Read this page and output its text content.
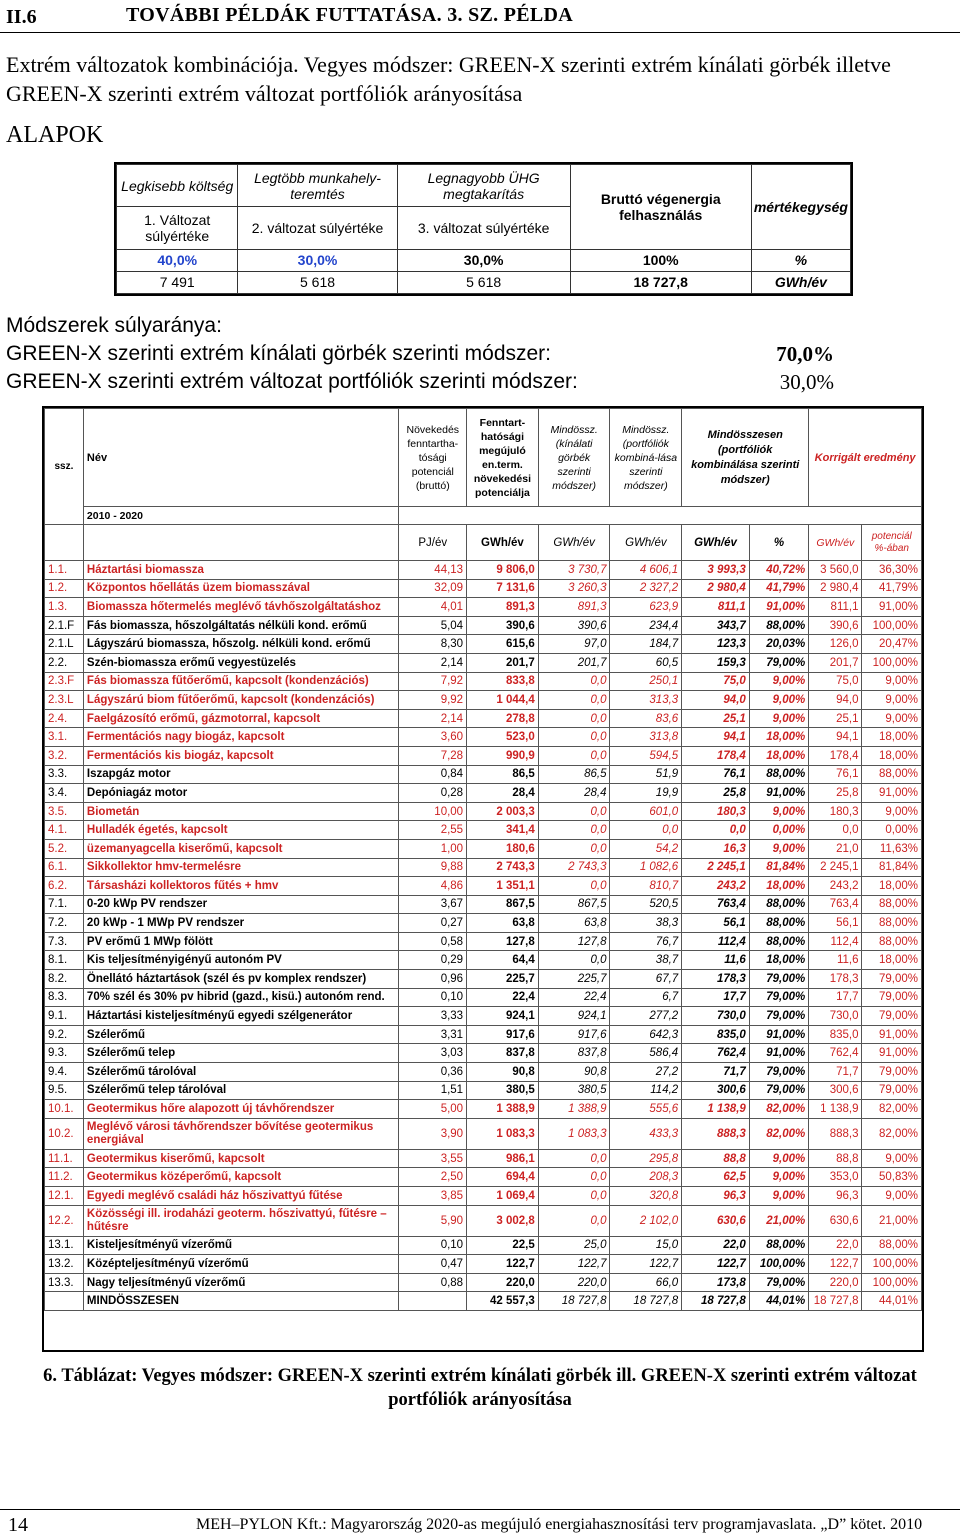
II.6	TOVÁBBI PÉLDÁK FUTTATÁSA. 3. SZ. PÉLDA
Extrém változatok kombinációja. Vegyes módszer: GREEN-X szerinti extrém kínálati görbék illetve GREEN-X szerinti extrém változat portfóliók arányosítása
ALAPOK
Legkisebb költség	Legtöbb munkahely-teremtés	Legnagyobb ÜHG megtakarítás	Bruttó végenergia felhasználás	mértékegység
1. Változat súlyértéke	2. változat súlyértéke	3. változat súlyértéke		
40,0%	30,0%	30,0%	100%	%
7 491	5 618	5 618	18 727,8	GWh/év
Módszerek súlyaránya:
GREEN-X szerinti extrém kínálati görbék szerinti módszer:	70,0%
GREEN-X szerinti extrém változat portfóliók szerinti módszer:	30,0%
ssz.	Név	Növekedés fenntartha-tósági potenciál (bruttó)	Fenntart-hatósági megújuló en.term. növekedési potenciálja	Mindössz. (kínálati görbék szerinti módszer)	Mindössz. (portfóliók kombiná-lása szerinti módszer)	Mindösszesen (portfóliók kombinálása szerinti módszer)		Korrigált eredmény	
	2010 - 2020								
		PJ/év	GWh/év	GWh/év	GWh/év	GWh/év	%	GWh/év	potenciál %-ában
1.1.	Háztartási biomassza	44,13	9 806,0	3 730,7	4 606,1	3 993,3	40,72%	3 560,0	36,30%
1.2.	Központos hőellátás üzem biomasszával	32,09	7 131,6	3 260,3	2 327,2	2 980,4	41,79%	2 980,4	41,79%
1.3.	Biomassza hőtermelés meglévő távhőszolgáltatáshoz	4,01	891,3	891,3	623,9	811,1	91,00%	811,1	91,00%
2.1.F	Fás biomassza, hőszolgáltatás nélküli kond. erőmű	5,04	390,6	390,6	234,4	343,7	88,00%	390,6	100,00%
2.1.L	Lágyszárú biomassza, hőszolg. nélküli kond. erőmű	8,30	615,6	97,0	184,7	123,3	20,03%	126,0	20,47%
2.2.	Szén-biomassza erőmű vegyestüzelés	2,14	201,7	201,7	60,5	159,3	79,00%	201,7	100,00%
2.3.F	Fás biomassza fűtőerőmű, kapcsolt (kondenzációs)	7,92	833,8	0,0	250,1	75,0	9,00%	75,0	9,00%
2.3.L	Lágyszárú biom fűtőerőmű, kapcsolt (kondenzációs)	9,92	1 044,4	0,0	313,3	94,0	9,00%	94,0	9,00%
2.4.	Faelgázosító erőmű, gázmotorral, kapcsolt	2,14	278,8	0,0	83,6	25,1	9,00%	25,1	9,00%
3.1.	Fermentációs nagy biogáz, kapcsolt	3,60	523,0	0,0	313,8	94,1	18,00%	94,1	18,00%
3.2.	Fermentációs kis biogáz, kapcsolt	7,28	990,9	0,0	594,5	178,4	18,00%	178,4	18,00%
3.3.	Iszapgáz motor	0,84	86,5	86,5	51,9	76,1	88,00%	76,1	88,00%
3.4.	Depóniagáz motor	0,28	28,4	28,4	19,9	25,8	91,00%	25,8	91,00%
3.5.	Biometán	10,00	2 003,3	0,0	601,0	180,3	9,00%	180,3	9,00%
4.1.	Hulladék égetés, kapcsolt	2,55	341,4	0,0	0,0	0,0	0,00%	0,0	0,00%
5.2.	üzemanyagcella kiserőmű, kapcsolt	1,00	180,6	0,0	54,2	16,3	9,00%	21,0	11,63%
6.1.	Sikkollektor hmv-termelésre	9,88	2 743,3	2 743,3	1 082,6	2 245,1	81,84%	2 245,1	81,84%
6.2.	Társasházi kollektoros fűtés + hmv	4,86	1 351,1	0,0	810,7	243,2	18,00%	243,2	18,00%
7.1.	0-20 kWp PV rendszer	3,67	867,5	867,5	520,5	763,4	88,00%	763,4	88,00%
7.2.	20 kWp - 1 MWp PV rendszer	0,27	63,8	63,8	38,3	56,1	88,00%	56,1	88,00%
7.3.	PV erőmű 1 MWp fölött	0,58	127,8	127,8	76,7	112,4	88,00%	112,4	88,00%
8.1.	Kis teljesítményigényű autonóm PV	0,29	64,4	0,0	38,7	11,6	18,00%	11,6	18,00%
8.2.	Önellátó háztartások (szél és pv komplex rendszer)	0,96	225,7	225,7	67,7	178,3	79,00%	178,3	79,00%
8.3.	70% szél és 30% pv hibrid (gazd., kisü.) autonóm rend.	0,10	22,4	22,4	6,7	17,7	79,00%	17,7	79,00%
9.1.	Háztartási kisteljesítményű egyedi szélgenerátor	3,33	924,1	924,1	277,2	730,0	79,00%	730,0	79,00%
9.2.	Szélerőmű	3,31	917,6	917,6	642,3	835,0	91,00%	835,0	91,00%
9.3.	Szélerőmű telep	3,03	837,8	837,8	586,4	762,4	91,00%	762,4	91,00%
9.4.	Szélerőmű tárolóval	0,36	90,8	90,8	27,2	71,7	79,00%	71,7	79,00%
9.5.	Szélerőmű telep tárolóval	1,51	380,5	380,5	114,2	300,6	79,00%	300,6	79,00%
10.1.	Geotermikus hőre alapozott új távhőrendszer	5,00	1 388,9	1 388,9	555,6	1 138,9	82,00%	1 138,9	82,00%
10.2.	Meglévő városi távhőrendszer bővítése geotermikus energiával	3,90	1 083,3	1 083,3	433,3	888,3	82,00%	888,3	82,00%
11.1.	Geotermikus kiserőmű, kapcsolt	3,55	986,1	0,0	295,8	88,8	9,00%	88,8	9,00%
11.2.	Geotermikus középerőmű, kapcsolt	2,50	694,4	0,0	208,3	62,5	9,00%	353,0	50,83%
12.1.	Egyedi meglévő családi ház hőszivattyú fűtése	3,85	1 069,4	0,0	320,8	96,3	9,00%	96,3	9,00%
12.2.	Közösségi ill. irodaházi geoterm. hőszivattyú, fűtésre – hűtésre	5,90	3 002,8	0,0	2 102,0	630,6	21,00%	630,6	21,00%
13.1.	Kisteljesítményű vízerőmű	0,10	22,5	25,0	15,0	22,0	88,00%	22,0	88,00%
13.2.	Középteljesítményű vízerőmű	0,47	122,7	122,7	122,7	122,7	100,00%	122,7	100,00%
13.3.	Nagy teljesítményű vízerőmű	0,88	220,0	220,0	66,0	173,8	79,00%	220,0	100,00%
	MINDÖSSZESEN		42 557,3	18 727,8	18 727,8	18 727,8	44,01%	18 727,8	44,01%
6. Táblázat: Vegyes módszer: GREEN-X szerinti extrém kínálati görbék ill. GREEN-X szerinti extrém változat portfóliók arányosítása
14	MEH–PYLON Kft.: Magyarország 2020-as megújuló energiahasznosítási terv programjavaslata. „D” kötet. 2010
